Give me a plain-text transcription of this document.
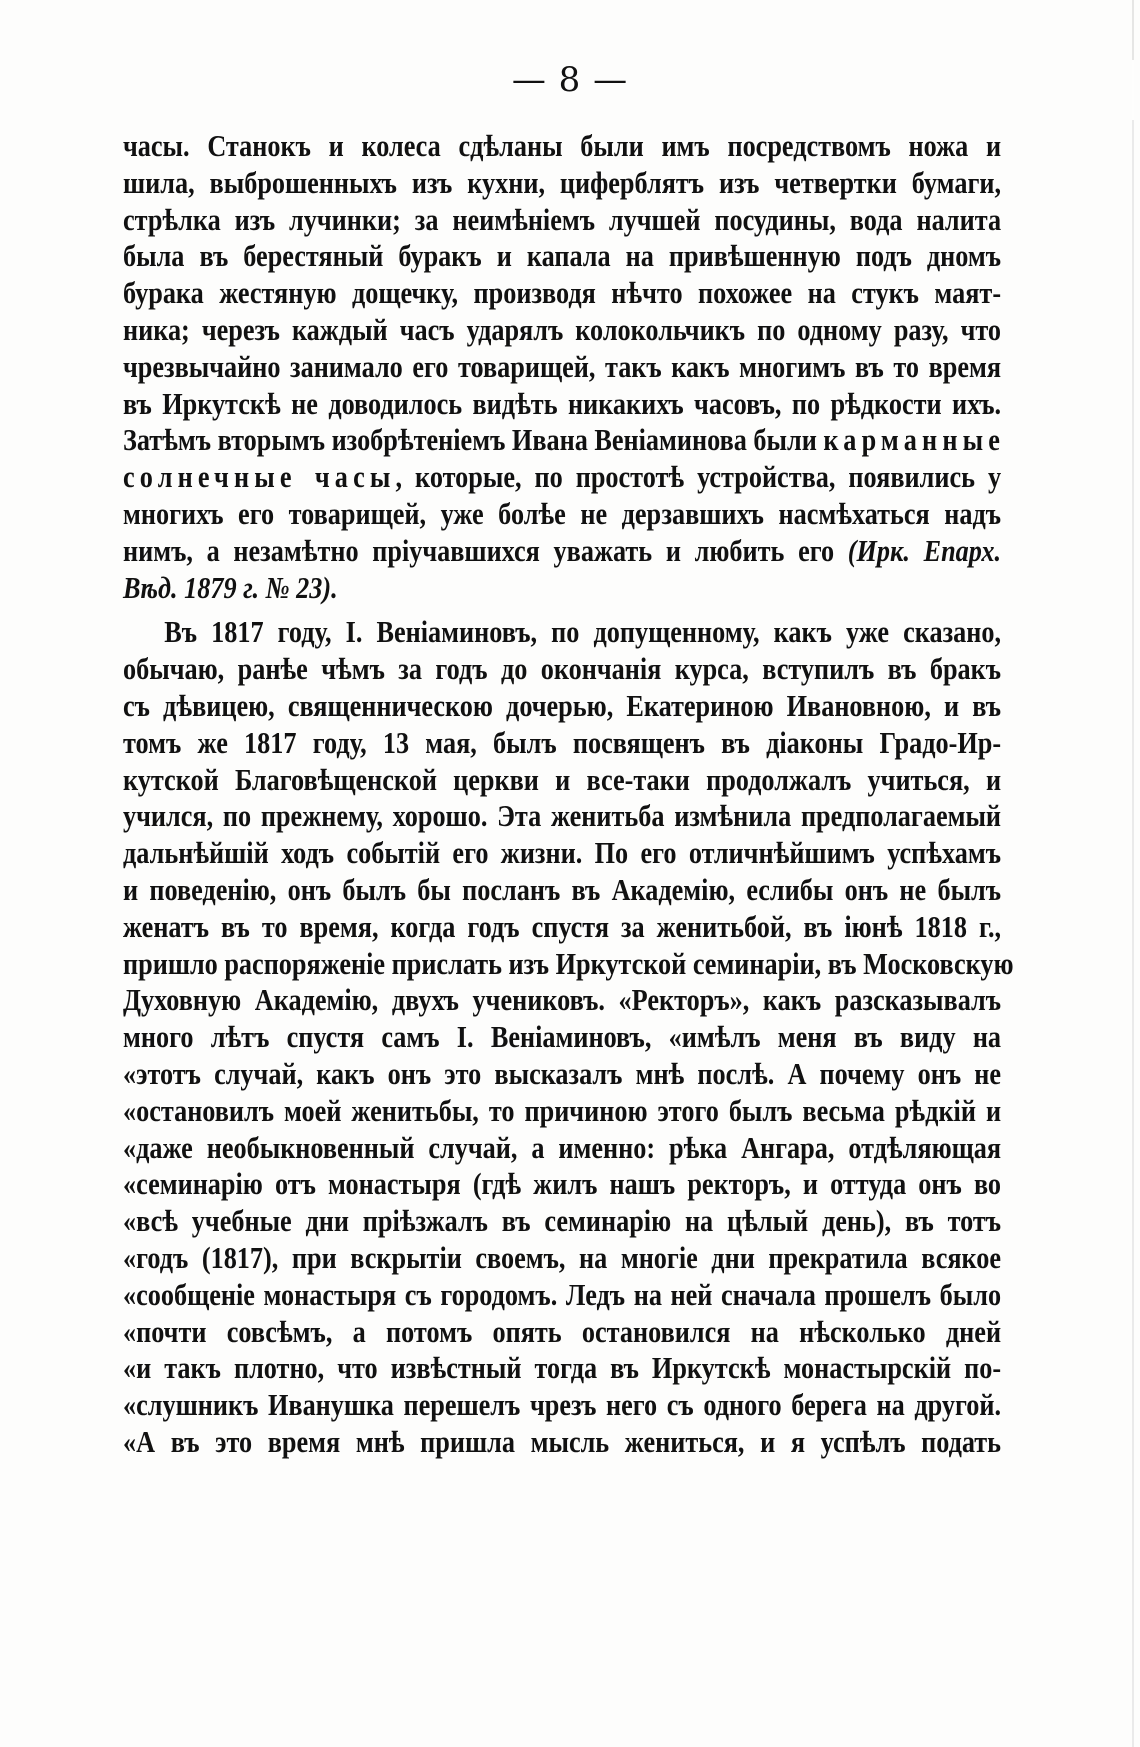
— 8 —
часы. Станокъ и колеса сдѣланы были имъ посредствомъ ножа и
шила, выброшенныхъ изъ кухни, циферблятъ изъ четвертки бумаги,
стрѣлка изъ лучинки; за неимѣніемъ лучшей посудины, вода налита
была въ берестяный буракъ и капала на привѣшенную подъ дномъ
бурака жестяную дощечку, производя нѣчто похожее на стукъ маят-
ника; черезъ каждый часъ ударялъ колокольчикъ по одному разу, что
чрезвычайно занимало его товарищей, такъ какъ многимъ въ то время
въ Иркутскѣ не доводилось видѣть никакихъ часовъ, по рѣдкости ихъ.
Затѣмъ вторымъ изобрѣтеніемъ Ивана Веніаминова были карманные
солнечные часы, которые, по простотѣ устройства, появились у
многихъ его товарищей, уже болѣе не дерзавшихъ насмѣхаться надъ
нимъ, а незамѣтно пріучавшихся уважать и любить его (Ирк. Епарх.
Вѣд. 1879 г. № 23).
Въ 1817 году, І. Веніаминовъ, по допущенному, какъ уже сказано,
обычаю, ранѣе чѣмъ за годъ до окончанія курса, вступилъ въ бракъ
съ дѣвицею, священническою дочерью, Екатериною Ивановною, и въ
томъ же 1817 году, 13 мая, былъ посвященъ въ діаконы Градо-Ир-
кутской Благовѣщенской церкви и все-таки продолжалъ учиться, и
учился, по прежнему, хорошо. Эта женитьба измѣнила предполагаемый
дальнѣйшій ходъ событій его жизни. По его отличнѣйшимъ успѣхамъ
и поведенію, онъ былъ бы посланъ въ Академію, еслибы онъ не былъ
женатъ въ то время, когда годъ спустя за женитьбой, въ іюнѣ 1818 г.,
пришло распоряженіе прислать изъ Иркутской семинаріи, въ Московскую
Духовную Академію, двухъ учениковъ. «Ректоръ», какъ разсказывалъ
много лѣтъ спустя самъ І. Веніаминовъ, «имѣлъ меня въ виду на
«этотъ случай, какъ онъ это высказалъ мнѣ послѣ. А почему онъ не
«остановилъ моей женитьбы, то причиною этого былъ весьма рѣдкій и
«даже необыкновенный случай, а именно: рѣка Ангара, отдѣляющая
«семинарію отъ монастыря (гдѣ жилъ нашъ ректоръ, и оттуда онъ во
«всѣ учебные дни пріѣзжалъ въ семинарію на цѣлый день), въ тотъ
«годъ (1817), при вскрытіи своемъ, на многіе дни прекратила всякое
«сообщеніе монастыря съ городомъ. Ледъ на ней сначала прошелъ было
«почти совсѣмъ, а потомъ опять остановился на нѣсколько дней
«и такъ плотно, что извѣстный тогда въ Иркутскѣ монастырскій по-
«слушникъ Иванушка перешелъ чрезъ него съ одного берега на другой.
«А въ это время мнѣ пришла мысль жениться, и я успѣлъ подать
